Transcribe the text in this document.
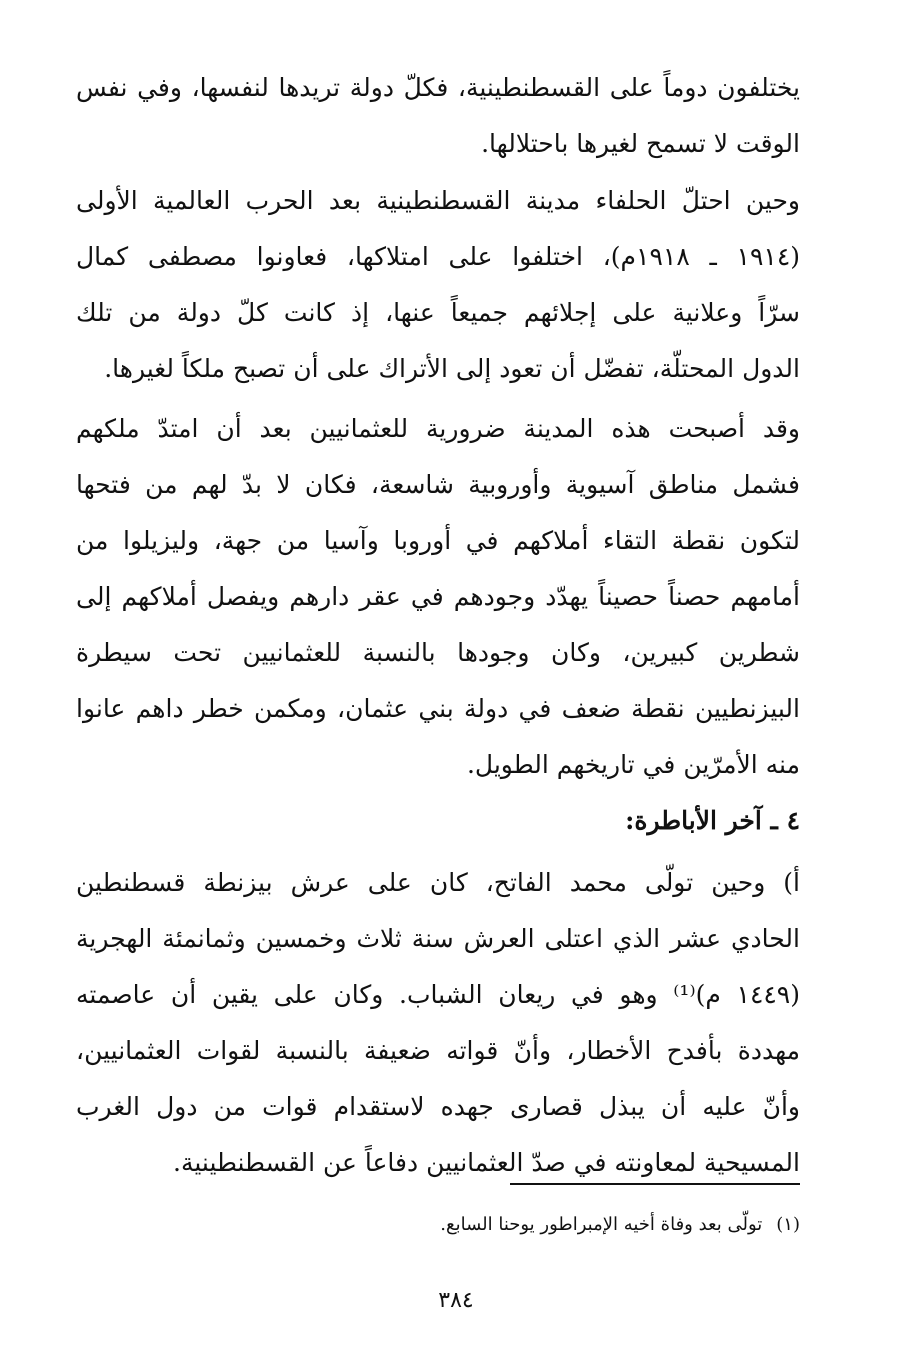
يختلفون دوماً على القسطنطينية، فكلّ دولة تريدها لنفسها، وفي نفس
الوقت لا تسمح لغيرها باحتلالها.
وحين احتلّ الحلفاء مدينة القسطنطينية بعد الحرب العالمية الأولى
(١٩١٤ ـ ١٩١٨م)، اختلفوا على امتلاكها، فعاونوا مصطفى كمال
سرّاً وعلانية على إجلائهم جميعاً عنها، إذ كانت كلّ دولة من تلك
الدول المحتلّة، تفضّل أن تعود إلى الأتراك على أن تصبح ملكاً لغيرها.
وقد أصبحت هذه المدينة ضرورية للعثمانيين بعد أن امتدّ ملكهم
فشمل مناطق آسيوية وأوروبية شاسعة، فكان لا بدّ لهم من فتحها
لتكون نقطة التقاء أملاكهم في أوروبا وآسيا من جهة، وليزيلوا من
أمامهم حصناً حصيناً يهدّد وجودهم في عقر دارهم ويفصل أملاكهم إلى
شطرين كبيرين، وكان وجودها بالنسبة للعثمانيين تحت سيطرة
البيزنطيين نقطة ضعف في دولة بني عثمان، ومكمن خطر داهم عانوا
منه الأمرّين في تاريخهم الطويل.
٤ ـ آخر الأباطرة:
أ) وحين تولّى محمد الفاتح، كان على عرش بيزنطة قسطنطين
الحادي عشر الذي اعتلى العرش سنة ثلاث وخمسين وثمانمئة الهجرية
(١٤٤٩ م)⁽¹⁾ وهو في ريعان الشباب. وكان على يقين أن عاصمته
مهددة بأفدح الأخطار، وأنّ قواته ضعيفة بالنسبة لقوات العثمانيين،
وأنّ عليه أن يبذل قصارى جهده لاستقدام قوات من دول الغرب
المسيحية لمعاونته في صدّ العثمانيين دفاعاً عن القسطنطينية.
(١)تولّى بعد وفاة أخيه الإمبراطور يوحنا السابع.
٣٨٤
